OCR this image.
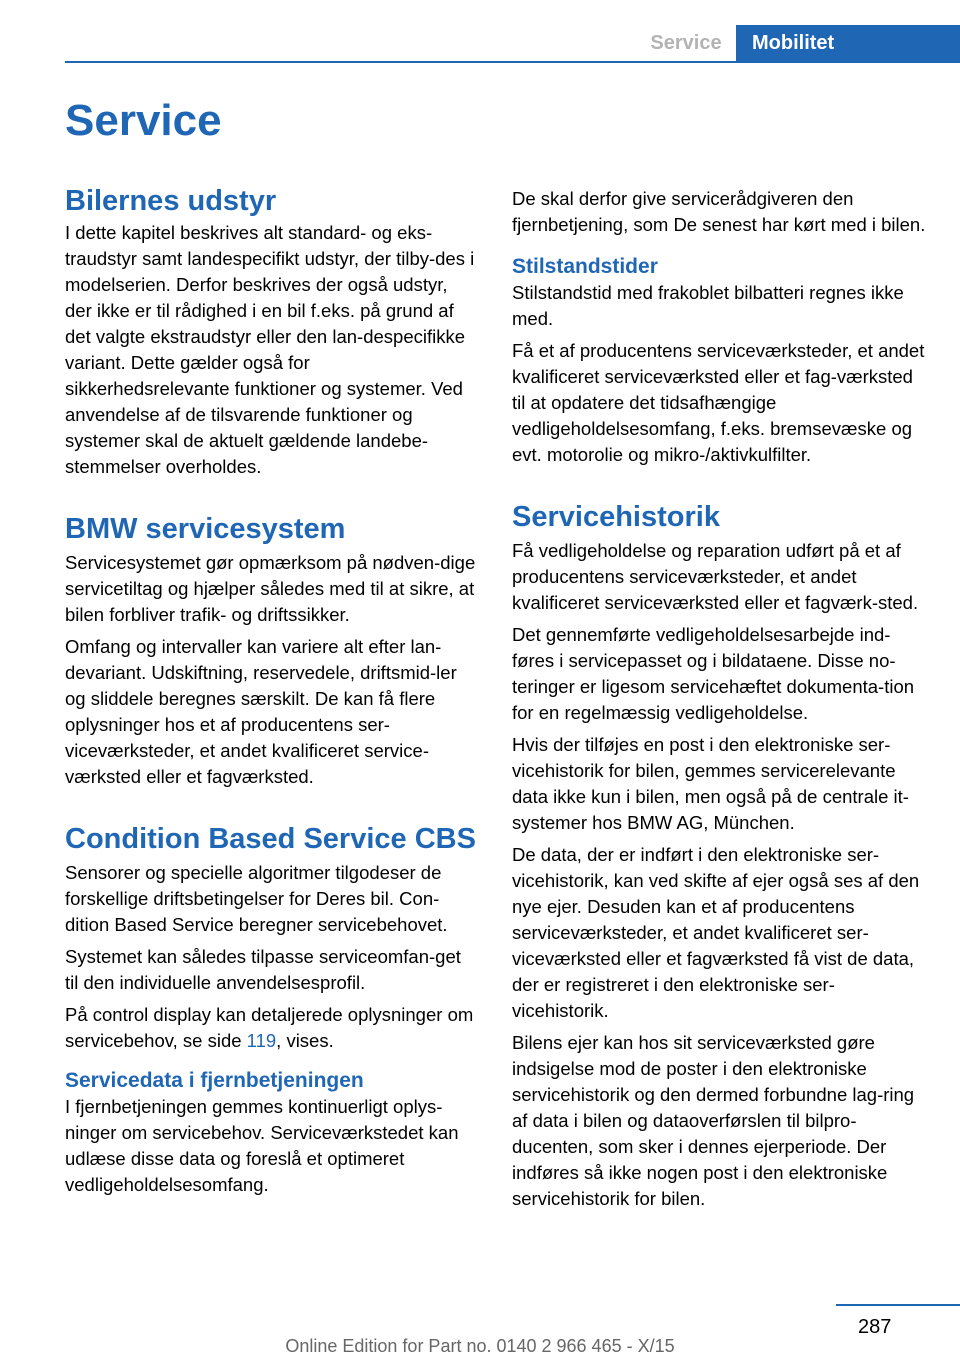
Service	Mobilitet
Service
Bilernes udstyr

I dette kapitel beskrives alt standard- og eks-traudstyr samt landespecifikt udstyr, der tilby-des i modelserien. Derfor beskrives der også udstyr, der ikke er til rådighed i en bil f.eks. på grund af det valgte ekstraudstyr eller den lan-despecifikke variant. Dette gælder også for sikkerhedsrelevante funktioner og systemer. Ved anvendelse af de tilsvarende funktioner og systemer skal de aktuelt gældende landebe-stemmelser overholdes.

BMW servicesystem

Servicesystemet gør opmærksom på nødven-dige servicetiltag og hjælper således med til at sikre, at bilen forbliver trafik- og driftssikker.

Omfang og intervaller kan variere alt efter lan-devariant. Udskiftning, reservedele, driftsmid-ler og sliddele beregnes særskilt. De kan få flere oplysninger hos et af producentens ser-viceværksteder, et andet kvalificeret service-værksted eller et fagværksted.

Condition Based Service CBS

Sensorer og specielle algoritmer tilgodeser de forskellige driftsbetingelser for Deres bil. Con-dition Based Service beregner servicebehovet.

Systemet kan således tilpasse serviceomfan-get til den individuelle anvendelsesprofil.

På control display kan detaljerede oplysninger om servicebehov, se side 119, vises.

Servicedata i fjernbetjeningen

I fjernbetjeningen gemmes kontinuerligt oplys-ninger om servicebehov. Serviceværkstedet kan udlæse disse data og foreslå et optimeret vedligeholdelsesomfang.

De skal derfor give servicerådgiveren den fjernbetjening, som De senest har kørt med i bilen.

Stilstandstider

Stilstandstid med frakoblet bilbatteri regnes ikke med.

Få et af producentens serviceværksteder, et andet kvalificeret serviceværksted eller et fag-værksted til at opdatere det tidsafhængige vedligeholdelsesomfang, f.eks. bremsevæske og evt. motorolie og mikro-/aktivkulfilter.

Servicehistorik

Få vedligeholdelse og reparation udført på et af producentens serviceværksteder, et andet kvalificeret serviceværksted eller et fagværk-sted.

Det gennemførte vedligeholdelsesarbejde ind-føres i servicepasset og i bildataene. Disse no-teringer er ligesom servicehæftet dokumenta-tion for en regelmæssig vedligeholdelse.

Hvis der tilføjes en post i den elektroniske ser-vicehistorik for bilen, gemmes servicerelevante data ikke kun i bilen, men også på de centrale it-systemer hos BMW AG, München.

De data, der er indført i den elektroniske ser-vicehistorik, kan ved skifte af ejer også ses af den nye ejer. Desuden kan et af producentens serviceværksteder, et andet kvalificeret ser-viceværksted eller et fagværksted få vist de data, der er registreret i den elektroniske ser-vicehistorik.

Bilens ejer kan hos sit serviceværksted gøre indsigelse mod de poster i den elektroniske servicehistorik og den dermed forbundne lag-ring af data i bilen og dataoverførslen til bilpro-ducenten, som sker i dennes ejerperiode. Der indføres så ikke nogen post i den elektroniske servicehistorik for bilen.

287
Online Edition for Part no. 0140 2 966 465 - X/15
